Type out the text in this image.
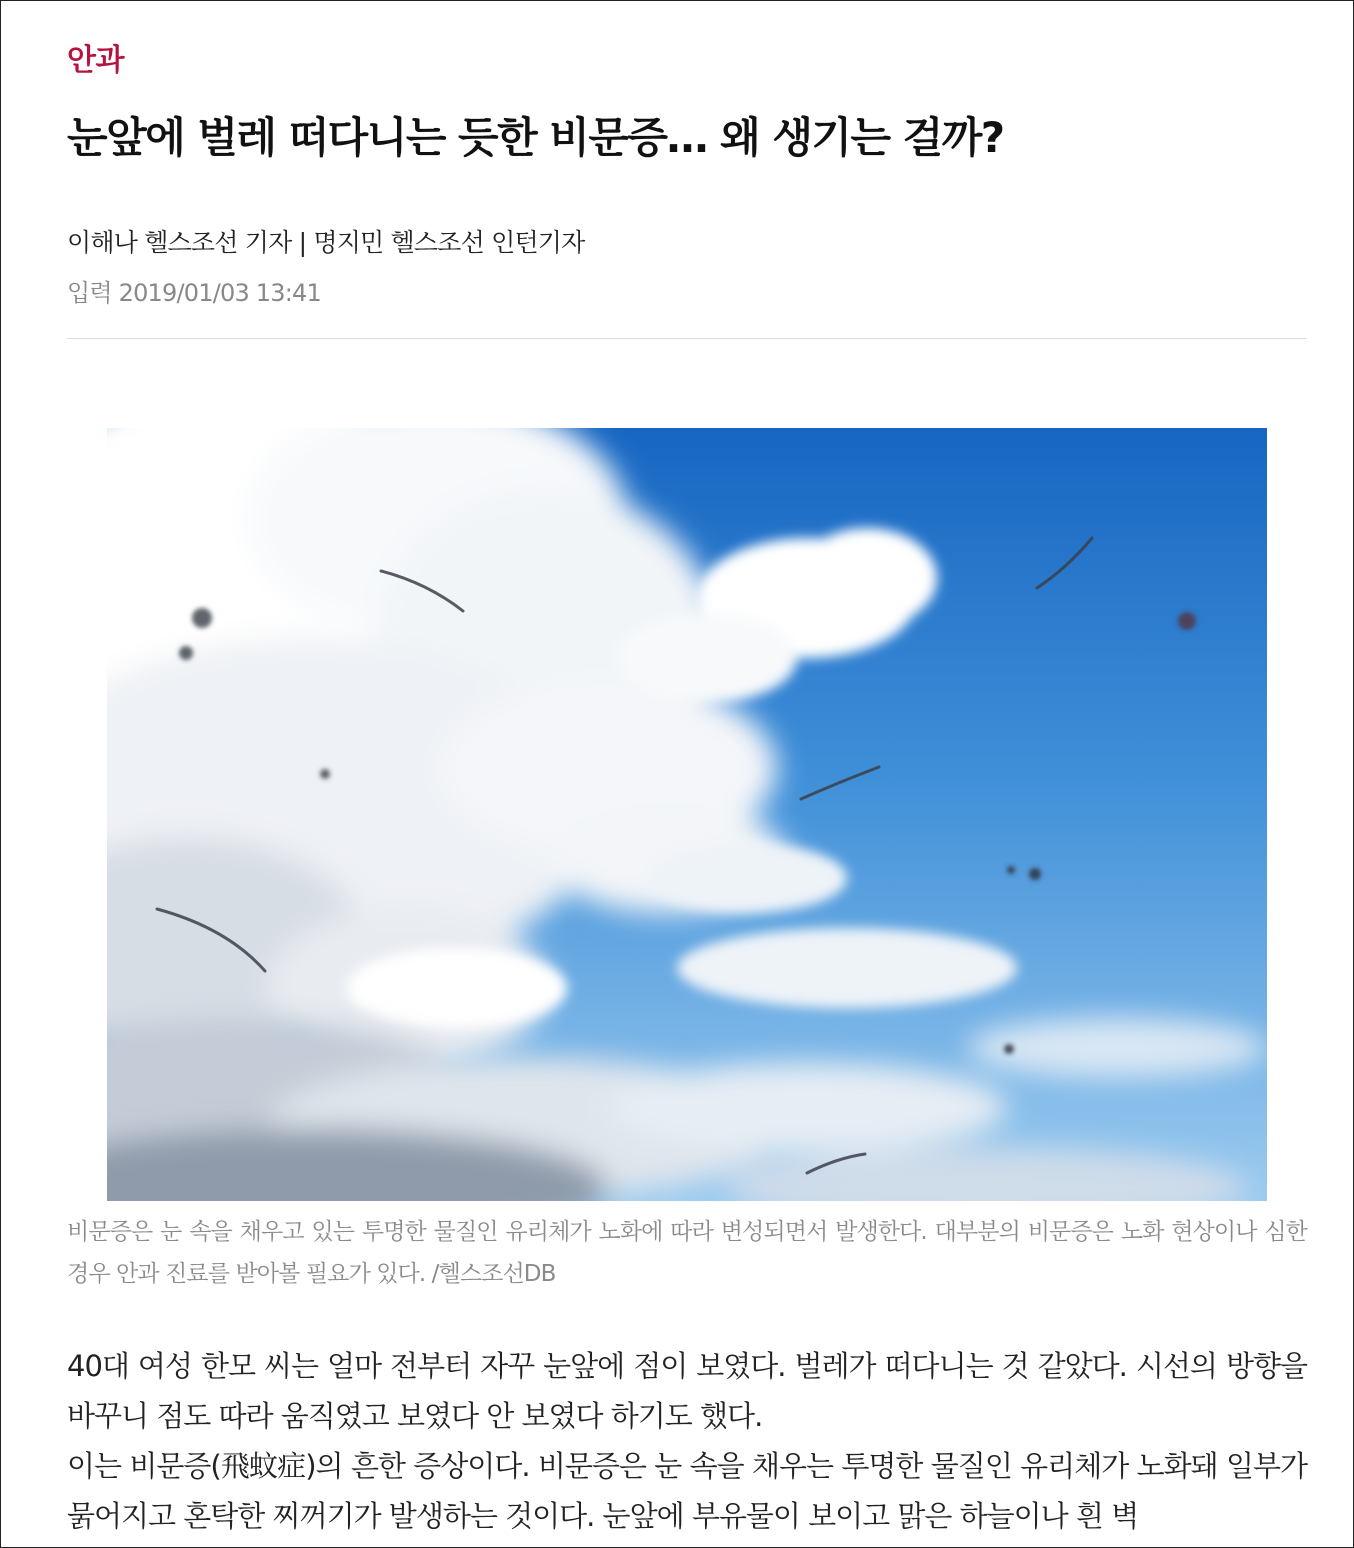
안과
눈앞에 벌레 떠다니는 듯한 비문증… 왜 생기는 걸까?
이해나 헬스조선 기자 | 명지민 헬스조선 인턴기자
입력 2019/01/03 13:41
비문증은 눈 속을 채우고 있는 투명한 물질인 유리체가 노화에 따라 변성되면서 발생한다. 대부분의 비문증은 노화 현상이나 심한 경우 안과 진료를 받아볼 필요가 있다. /헬스조선DB

40대 여성 한모 씨는 얼마 전부터 자꾸 눈앞에 점이 보였다. 벌레가 떠다니는 것 같았다. 시선의 방향을 바꾸니 점도 따라 움직였고 보였다 안 보였다 하기도 했다.

이는 비문증(飛蚊症)의 흔한 증상이다. 비문증은 눈 속을 채우는 투명한 물질인 유리체가 노화돼 일부가 묽어지고 혼탁한 찌꺼기가 발생하는 것이다. 눈앞에 부유물이 보이고 맑은 하늘이나 흰 벽
